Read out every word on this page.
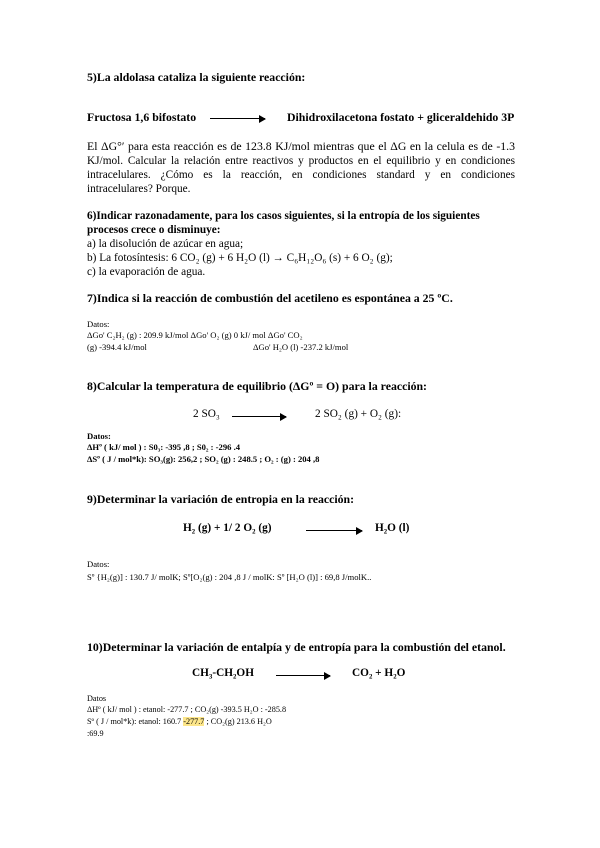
5)La aldolasa cataliza la siguiente reacción:
Fructosa 1,6 bifostato	Dihidroxilacetona fostato + gliceraldehido 3P
El ΔG°′ para esta reacción es de 123.8 KJ/mol mientras que el ΔG en la celula es de -1.3
KJ/mol. Calcular la relación entre reactivos y productos en el equilibrio y en condiciones
intracelulares. ¿Cómo es la reacción, en condiciones standard y en condiciones
intracelulares? Porque.
6)Indicar razonadamente, para los casos siguientes, si la entropía de los siguientes
procesos crece o disminuye:
a) la disolución de azúcar en agua;
b) La fotosíntesis: 6 CO₂ (g) + 6 H₂O (l) → C₆H₁₂O₆ (s) + 6 O₂ (g);
c) la evaporación de agua.
7)Indica si la reacción de combustión del acetileno es espontánea a 25 ºC.
Datos:
ΔGo' C₂H₂ (g) : 209.9 kJ/mol ΔGo' O₂ (g) 0 kJ/ mol ΔGo' CO₂
(g) -394.4 kJ/mol	ΔGo' H₂O (l) -237.2 kJ/mol
8)Calcular la temperatura de equilibrio (ΔGº = O) para la reacción:
2 SO₃	2 SO₂ (g) + O₂ (g):
Datos:
ΔHº ( kJ/ mol ) : S0₃: -395 ,8 ; S0₂ : -296 .4
ΔSº ( J / mol*k): SO₃(g): 256,2 ; SO₂ (g) : 248.5 ; O₂ : (g) : 204 ,8
9)Determinar la variación de entropia en la reacción:
H₂ (g) + 1/ 2 O₂ (g)	H₂O (l)
Datos:
Sº {H₂(g)] : 130.7 J/ molK; Sº[O₂(g) : 204 ,8 J / molK: Sº [H₂O (l)] : 69,8 J/molK..
10)Determinar la variación de entalpía y de entropía para la combustión del etanol.
CH₃-CH₂OH	CO₂ + H₂O
Datos
ΔHº ( kJ/ mol ) : etanol: -277.7 ; CO₂(g) -393.5 H₂O : -285.8
Sº ( J / mol*k): etanol: 160.7 -277.7 ; CO₂(g) 213.6 H₂O
:69.9
